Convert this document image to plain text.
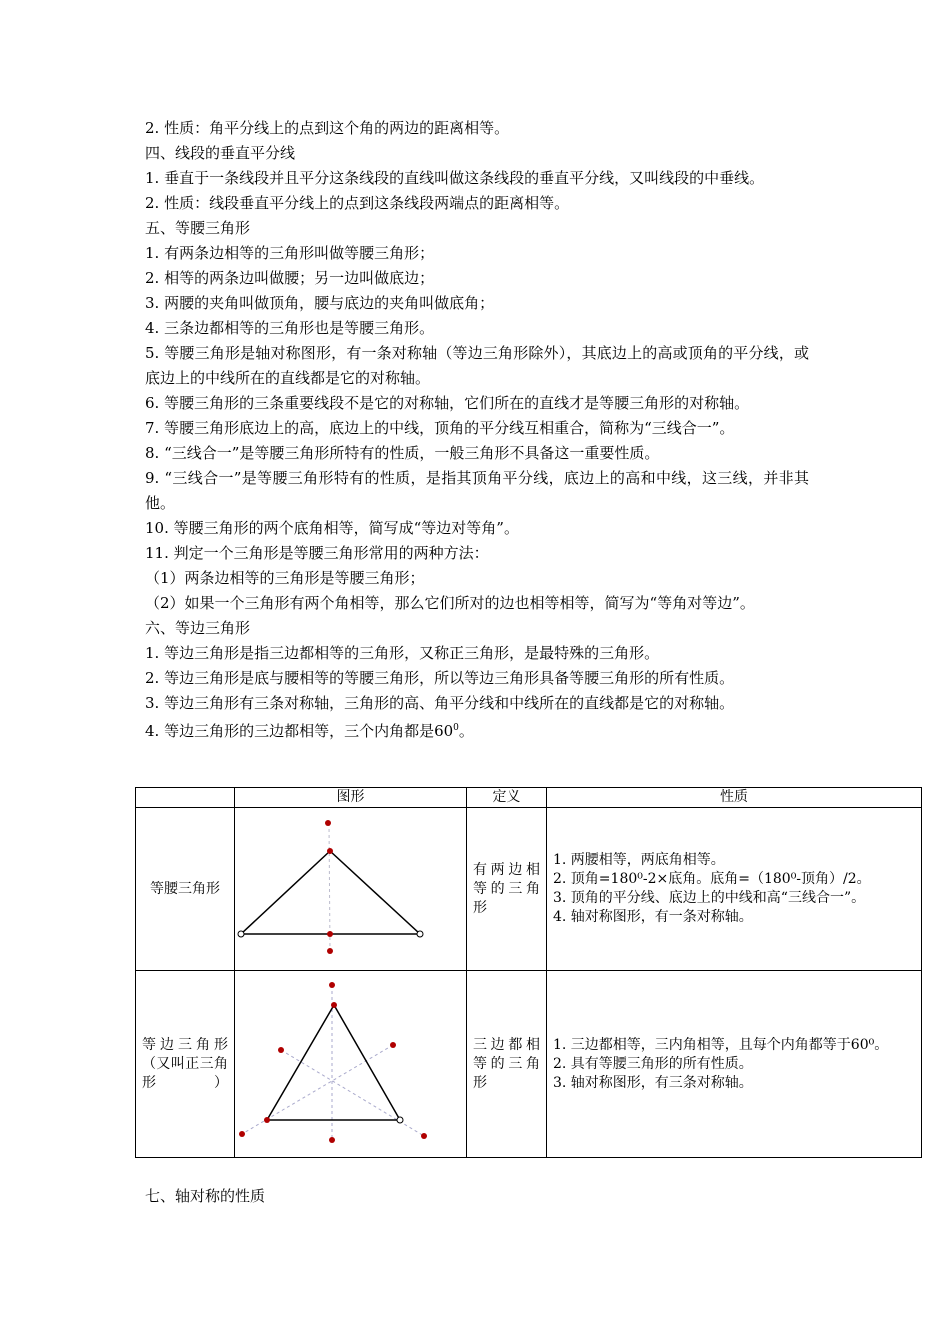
2. 性质：角平分线上的点到这个角的两边的距离相等。

四、线段的垂直平分线

1. 垂直于一条线段并且平分这条线段的直线叫做这条线段的垂直平分线，又叫线段的中垂线。

2. 性质：线段垂直平分线上的点到这条线段两端点的距离相等。

五、等腰三角形

1. 有两条边相等的三角形叫做等腰三角形；

2. 相等的两条边叫做腰；另一边叫做底边；

3. 两腰的夹角叫做顶角，腰与底边的夹角叫做底角；

4. 三条边都相等的三角形也是等腰三角形。

5. 等腰三角形是轴对称图形，有一条对称轴（等边三角形除外），其底边上的高或顶角的平分线，或底边上的中线所在的直线都是它的对称轴。

6. 等腰三角形的三条重要线段不是它的对称轴，它们所在的直线才是等腰三角形的对称轴。

7. 等腰三角形底边上的高，底边上的中线，顶角的平分线互相重合，简称为“三线合一”。

8. “三线合一”是等腰三角形所特有的性质，一般三角形不具备这一重要性质。

9. “三线合一”是等腰三角形特有的性质，是指其顶角平分线，底边上的高和中线，这三线，并非其他。

10. 等腰三角形的两个底角相等，简写成“等边对等角”。

11. 判定一个三角形是等腰三角形常用的两种方法：

（1）两条边相等的三角形是等腰三角形；

（2）如果一个三角形有两个角相等，那么它们所对的边也相等相等，简写为“等角对等边”。

六、等边三角形

1. 等边三角形是指三边都相等的三角形，又称正三角形，是最特殊的三角形。

2. 等边三角形是底与腰相等的等腰三角形，所以等边三角形具备等腰三角形的所有性质。

3. 等边三角形有三条对称轴，三角形的高、角平分线和中线所在的直线都是它的对称轴。

4. 等边三角形的三边都相等，三个内角都是$60^0$。

	图形	定义	性质
等腰三角形		有两边相等的三角形	1. 两腰相等，两底角相等。

2. 顶角=180⁰-2×底角。底角=（180⁰-顶角）/2。

3. 顶角的平分线、底边上的中线和高“三线合一”。

4. 轴对称图形，有一条对称轴。

等边三角形（又叫正三角形）		三边都相等的三角形	1. 三边都相等，三内角相等，且每个内角都等于60⁰。

2. 具有等腰三角形的所有性质。

3. 轴对称图形，有三条对称轴。

七、轴对称的性质
